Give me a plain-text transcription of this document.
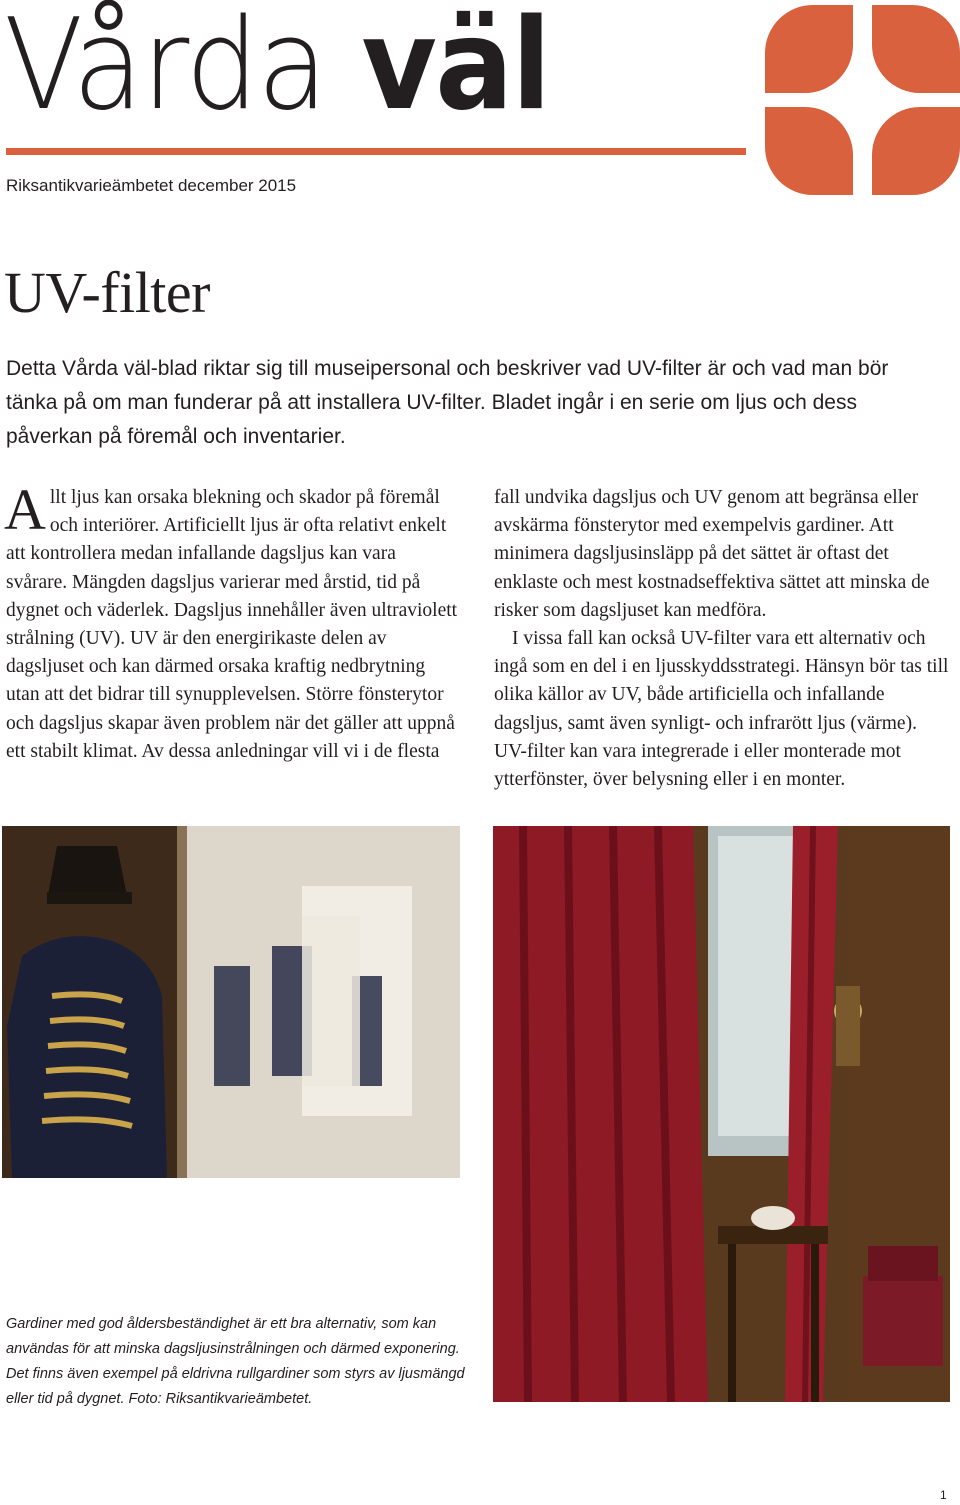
Vårda väl
Riksantikvarieämbetet december 2015
UV-filter
Detta Vårda väl-blad riktar sig till museipersonal och beskriver vad UV-filter är och vad man bör tänka på om man funderar på att installera UV-filter. Bladet ingår i en serie om ljus och dess påverkan på föremål och inventarier.

Allt ljus kan orsaka blekning och skador på föremål och interiörer. Artificiellt ljus är ofta relativt enkelt att kontrollera medan infallande dagsljus kan vara svårare. Mängden dagsljus varierar med årstid, tid på dygnet och väderlek. Dagsljus innehåller även ultraviolett strålning (UV). UV är den energirikaste delen av dagsljuset och kan därmed orsaka kraftig nedbrytning utan att det bidrar till synupplevelsen. Större fönsterytor och dagsljus skapar även problem när det gäller att uppnå ett stabilt klimat. Av dessa anledningar vill vi i de flesta

fall undvika dagsljus och UV genom att begränsa eller avskärma fönsterytor med exempelvis gardiner. Att minimera dagsljusinsläpp på det sättet är oftast det enklaste och mest kostnadseffektiva sättet att minska de risker som dagsljuset kan medföra.

I vissa fall kan också UV-filter vara ett alternativ och ingå som en del i en ljusskyddsstrategi. Hänsyn bör tas till olika källor av UV, både artificiella och infallande dagsljus, samt även synligt- och infrarött ljus (värme). UV-filter kan vara integrerade i eller monterade mot ytterfönster, över belysning eller i en monter.

Gardiner med god åldersbeständighet är ett bra alternativ, som kan användas för att minska dagsljusinstrålningen och därmed exponering. Det finns även exempel på eldrivna rullgardiner som styrs av ljusmängd eller tid på dygnet. Foto: Riksantikvarieämbetet.
1
